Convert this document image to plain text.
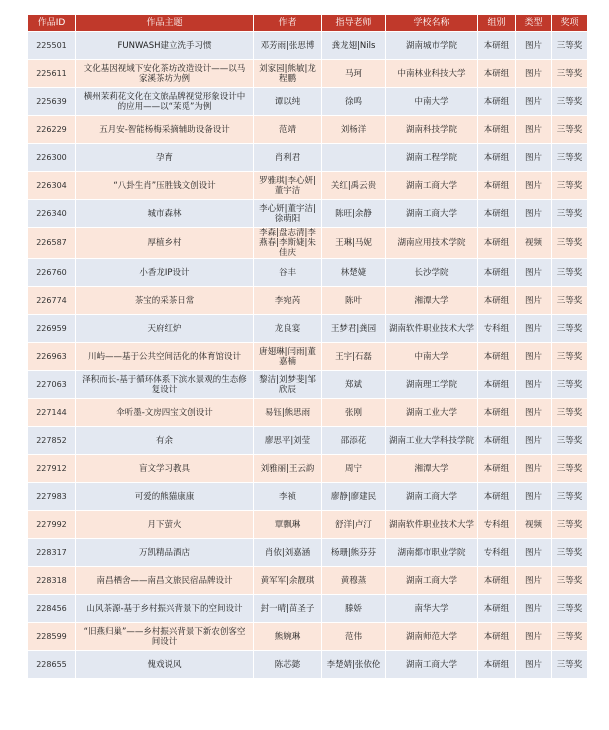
作品ID	作品主题	作者	指导老师	学校名称	组别	类型	奖项
225501	FUNWASH建立洗手习惯	邓芳雨|张思博	龚龙翅|Nils	湖南城市学院	本研组	图片	三等奖
225611	文化基因视域下安化茶坊改造设计——以马家溪茶坊为例	刘家园|熊敏|龙程鹏	马珂	中南林业科技大学	本研组	图片	三等奖
225639	横州茉莉花文化在文旅品牌视觉形象设计中的应用——以“茉觅”为例	谭以纯	徐鸣	中南大学	本研组	图片	三等奖
226229	五月安-智能杨梅采摘辅助设备设计	范靖	刘杨洋	湖南科技学院	本研组	图片	三等奖
226300	孕育	肖利君		湖南工程学院	本研组	图片	三等奖
226304	“八卦生肖”压胜钱文创设计	罗雅琪|李心妍|董宇洁	关红|禹云贵	湖南工商大学	本研组	图片	三等奖
226340	城市森林	李心妍|董宇洁|徐萌阳	陈旺|余静	湖南工商大学	本研组	图片	三等奖
226587	厚植乡村	李森|盘志清|李燕春|李斯婕|朱佳庆	王琳|马妮	湖南应用技术学院	本研组	视频	三等奖
226760	小香龙IP设计	谷丰	林楚婕	长沙学院	本研组	图片	三等奖
226774	茶宝的采茶日常	李宛芮	陈叶	湘潭大学	本研组	图片	三等奖
226959	天府红炉	龙良宴	王梦君|龚园	湖南软件职业技术大学	专科组	图片	三等奖
226963	川屿——基于公共空间活化的体育馆设计	唐翅琳|闫雨|董嘉楠	王宇|石磊	中南大学	本研组	图片	三等奖
227063	泽积而长-基于循环体系下滨水景观的生态修复设计	黎洁|刘梦斐|邹欣辰	郑斌	湖南理工学院	本研组	图片	三等奖
227144	伞听墨-文房四宝文创设计	易钰|熊思雨	张刚	湖南工业大学	本研组	图片	三等奖
227852	有余	廖思平|刘莹	邵添花	湖南工业大学科技学院	本研组	图片	三等奖
227912	盲文学习教具	刘雅丽|王云韵	周宁	湘潭大学	本研组	图片	三等奖
227983	可爱的熊猫康康	李祯	廖静|廖建民	湖南工商大学	本研组	图片	三等奖
227992	月下萤火	覃飘琳	舒洋|卢汀	湖南软件职业技术大学	专科组	视频	三等奖
228317	万凯精品酒店	肖依|刘嘉涵	杨珊|熊芬芬	湖南都市职业学院	专科组	图片	三等奖
228318	南昌栖舍——南昌文旅民宿品牌设计	黄军军|余靓琪	黄穆蒸	湖南工商大学	本研组	图片	三等奖
228456	山风茶源-基于乡村振兴背景下的空间设计	封一晴|苗圣子	滕娇	南华大学	本研组	图片	三等奖
228599	“旧燕归巢”——乡村振兴背景下新农创客空间设计	熊婉琳	范伟	湖南师范大学	本研组	图片	三等奖
228655	傀戏说风	陈芯懿	李楚婧|张依伦	湖南工商大学	本研组	图片	三等奖
